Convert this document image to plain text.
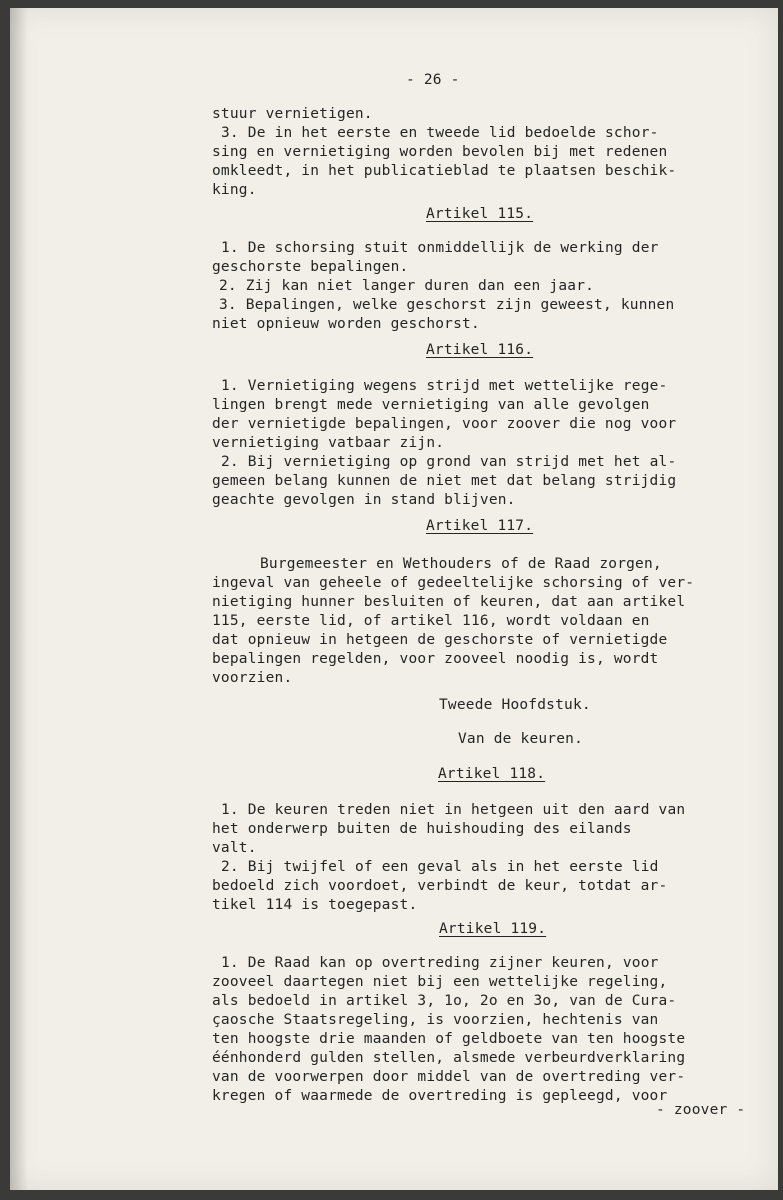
- 26 -
stuur vernietigen.
3. De in het eerste en tweede lid bedoelde schor-
sing en vernietiging worden bevolen bij met redenen
omkleedt, in het publicatieblad te plaatsen beschik-
king.
Artikel 115.
1. De schorsing stuit onmiddellijk de werking der
geschorste bepalingen.
2. Zij kan niet langer duren dan een jaar.
3. Bepalingen, welke geschorst zijn geweest, kunnen
niet opnieuw worden geschorst.
Artikel 116.
1. Vernietiging wegens strijd met wettelijke rege-
lingen brengt mede vernietiging van alle gevolgen
der vernietigde bepalingen, voor zoover die nog voor
vernietiging vatbaar zijn.
2. Bij vernietiging op grond van strijd met het al-
gemeen belang kunnen de niet met dat belang strijdig
geachte gevolgen in stand blijven.
Artikel 117.
Burgemeester en Wethouders of de Raad zorgen,
ingeval van geheele of gedeeltelijke schorsing of ver-
nietiging hunner besluiten of keuren, dat aan artikel
115, eerste lid, of artikel 116, wordt voldaan en
dat opnieuw in hetgeen de geschorste of vernietigde
bepalingen regelden, voor zooveel noodig is, wordt
voorzien.
Tweede Hoofdstuk.
Van de keuren.
Artikel 118.
1. De keuren treden niet in hetgeen uit den aard van
het onderwerp buiten de huishouding des eilands
valt.
2. Bij twijfel of een geval als in het eerste lid
bedoeld zich voordoet, verbindt de keur, totdat ar-
tikel 114 is toegepast.
Artikel 119.
1. De Raad kan op overtreding zijner keuren, voor
zooveel daartegen niet bij een wettelijke regeling,
als bedoeld in artikel 3, 1o, 2o en 3o, van de Cura-
çaosche Staatsregeling, is voorzien, hechtenis van
ten hoogste drie maanden of geldboete van ten hoogste
éénhonderd gulden stellen, alsmede verbeurdverklaring
van de voorwerpen door middel van de overtreding ver-
kregen of waarmede de overtreding is gepleegd, voor
- zoover -
